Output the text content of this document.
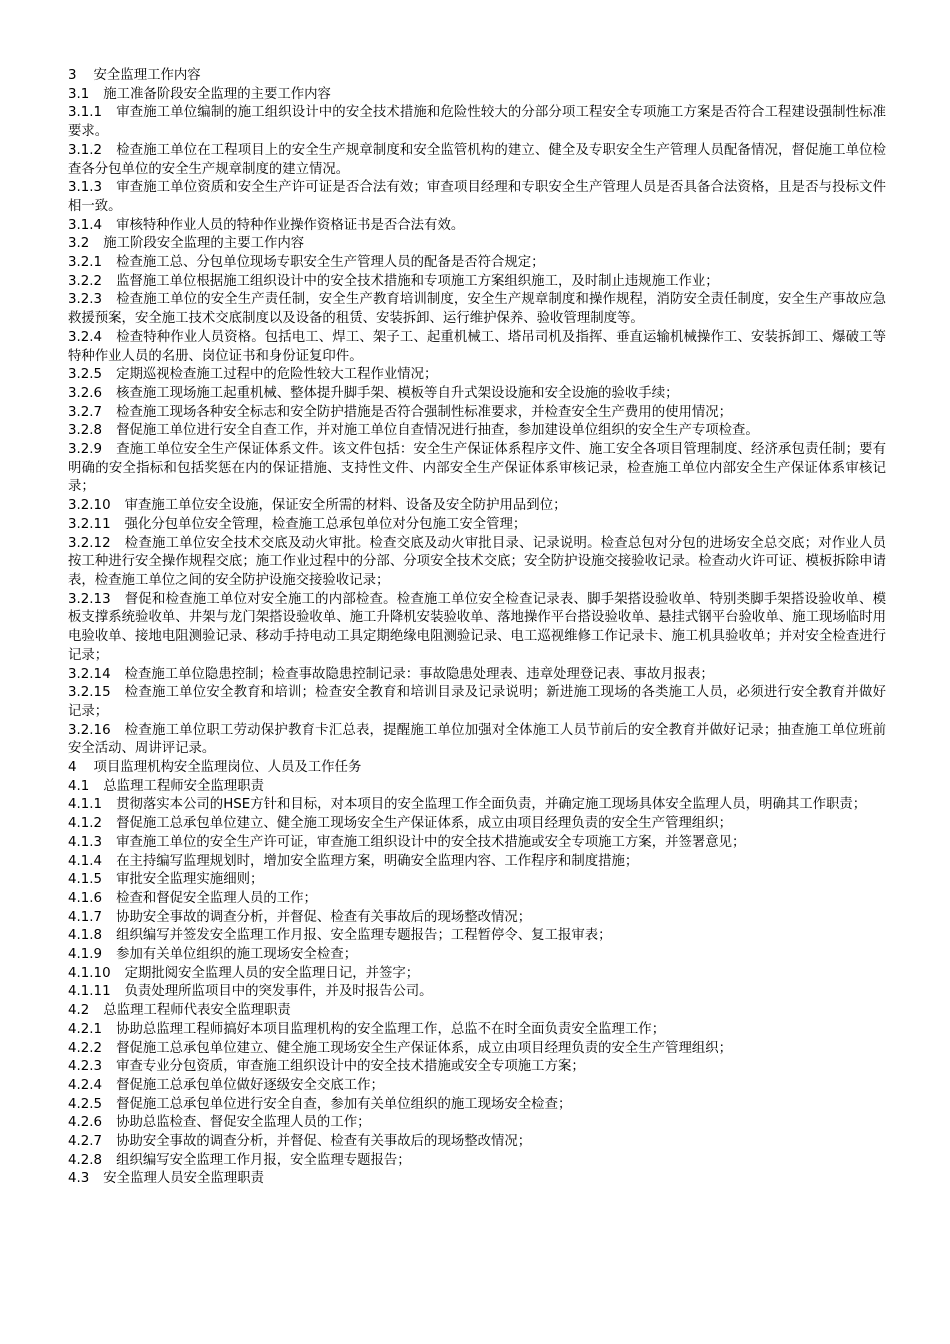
3 安全监理工作内容
3.1 施工准备阶段安全监理的主要工作内容
3.1.1 审查施工单位编制的施工组织设计中的安全技术措施和危险性较大的分部分项工程安全专项施工方案是否符合工程建设强制性标准要求。
3.1.2 检查施工单位在工程项目上的安全生产规章制度和安全监管机构的建立、健全及专职安全生产管理人员配备情况，督促施工单位检查各分包单位的安全生产规章制度的建立情况。
3.1.3 审查施工单位资质和安全生产许可证是否合法有效；审查项目经理和专职安全生产管理人员是否具备合法资格，且是否与投标文件相一致。
3.1.4 审核特种作业人员的特种作业操作资格证书是否合法有效。
3.2 施工阶段安全监理的主要工作内容
3.2.1 检查施工总、分包单位现场专职安全生产管理人员的配备是否符合规定；
3.2.2 监督施工单位根据施工组织设计中的安全技术措施和专项施工方案组织施工，及时制止违规施工作业；
3.2.3 检查施工单位的安全生产责任制，安全生产教育培训制度，安全生产规章制度和操作规程，消防安全责任制度，安全生产事故应急救援预案，安全施工技术交底制度以及设备的租赁、安装拆卸、运行维护保养、验收管理制度等。
3.2.4 检查特种作业人员资格。包括电工、焊工、架子工、起重机械工、塔吊司机及指挥、垂直运输机械操作工、安装拆卸工、爆破工等特种作业人员的名册、岗位证书和身份证复印件。
3.2.5 定期巡视检查施工过程中的危险性较大工程作业情况；
3.2.6 核查施工现场施工起重机械、整体提升脚手架、模板等自升式架设设施和安全设施的验收手续；
3.2.7 检查施工现场各种安全标志和安全防护措施是否符合强制性标准要求，并检查安全生产费用的使用情况；
3.2.8 督促施工单位进行安全自查工作，并对施工单位自查情况进行抽查，参加建设单位组织的安全生产专项检查。
3.2.9 查施工单位安全生产保证体系文件。该文件包括：安全生产保证体系程序文件、施工安全各项目管理制度、经济承包责任制；要有明确的安全指标和包括奖惩在内的保证措施、支持性文件、内部安全生产保证体系审核记录，检查施工单位内部安全生产保证体系审核记录；
3.2.10 审查施工单位安全设施，保证安全所需的材料、设备及安全防护用品到位；
3.2.11 强化分包单位安全管理，检查施工总承包单位对分包施工安全管理；
3.2.12 检查施工单位安全技术交底及动火审批。检查交底及动火审批目录、记录说明。检查总包对分包的进场安全总交底；对作业人员按工种进行安全操作规程交底；施工作业过程中的分部、分项安全技术交底；安全防护设施交接验收记录。检查动火许可证、模板拆除申请表，检查施工单位之间的安全防护设施交接验收记录；
3.2.13 督促和检查施工单位对安全施工的内部检查。检查施工单位安全检查记录表、脚手架搭设验收单、特别类脚手架搭设验收单、模板支撑系统验收单、井架与龙门架搭设验收单、施工升降机安装验收单、落地操作平台搭设验收单、悬挂式钢平台验收单、施工现场临时用电验收单、接地电阻测验记录、移动手持电动工具定期绝缘电阻测验记录、电工巡视维修工作记录卡、施工机具验收单；并对安全检查进行记录；
3.2.14 检查施工单位隐患控制；检查事故隐患控制记录：事故隐患处理表、违章处理登记表、事故月报表；
3.2.15 检查施工单位安全教育和培训；检查安全教育和培训目录及记录说明；新进施工现场的各类施工人员，必须进行安全教育并做好记录；
3.2.16 检查施工单位职工劳动保护教育卡汇总表，提醒施工单位加强对全体施工人员节前后的安全教育并做好记录；抽查施工单位班前安全活动、周讲评记录。
4 项目监理机构安全监理岗位、人员及工作任务
4.1 总监理工程师安全监理职责
4.1.1 贯彻落实本公司的HSE方针和目标，对本项目的安全监理工作全面负责，并确定施工现场具体安全监理人员，明确其工作职责；
4.1.2 督促施工总承包单位建立、健全施工现场安全生产保证体系，成立由项目经理负责的安全生产管理组织；
4.1.3 审查施工单位的安全生产许可证，审查施工组织设计中的安全技术措施或安全专项施工方案，并签署意见；
4.1.4 在主持编写监理规划时，增加安全监理方案，明确安全监理内容、工作程序和制度措施；
4.1.5 审批安全监理实施细则；
4.1.6 检查和督促安全监理人员的工作；
4.1.7 协助安全事故的调查分析，并督促、检查有关事故后的现场整改情况；
4.1.8 组织编写并签发安全监理工作月报、安全监理专题报告；工程暂停令、复工报审表；
4.1.9 参加有关单位组织的施工现场安全检查；
4.1.10 定期批阅安全监理人员的安全监理日记，并签字；
4.1.11 负责处理所监项目中的突发事件，并及时报告公司。
4.2 总监理工程师代表安全监理职责
4.2.1 协助总监理工程师搞好本项目监理机构的安全监理工作，总监不在时全面负责安全监理工作；
4.2.2 督促施工总承包单位建立、健全施工现场安全生产保证体系，成立由项目经理负责的安全生产管理组织；
4.2.3 审查专业分包资质，审查施工组织设计中的安全技术措施或安全专项施工方案；
4.2.4 督促施工总承包单位做好逐级安全交底工作；
4.2.5 督促施工总承包单位进行安全自查，参加有关单位组织的施工现场安全检查；
4.2.6 协助总监检查、督促安全监理人员的工作；
4.2.7 协助安全事故的调查分析，并督促、检查有关事故后的现场整改情况；
4.2.8 组织编写安全监理工作月报，安全监理专题报告；
4.3 安全监理人员安全监理职责
